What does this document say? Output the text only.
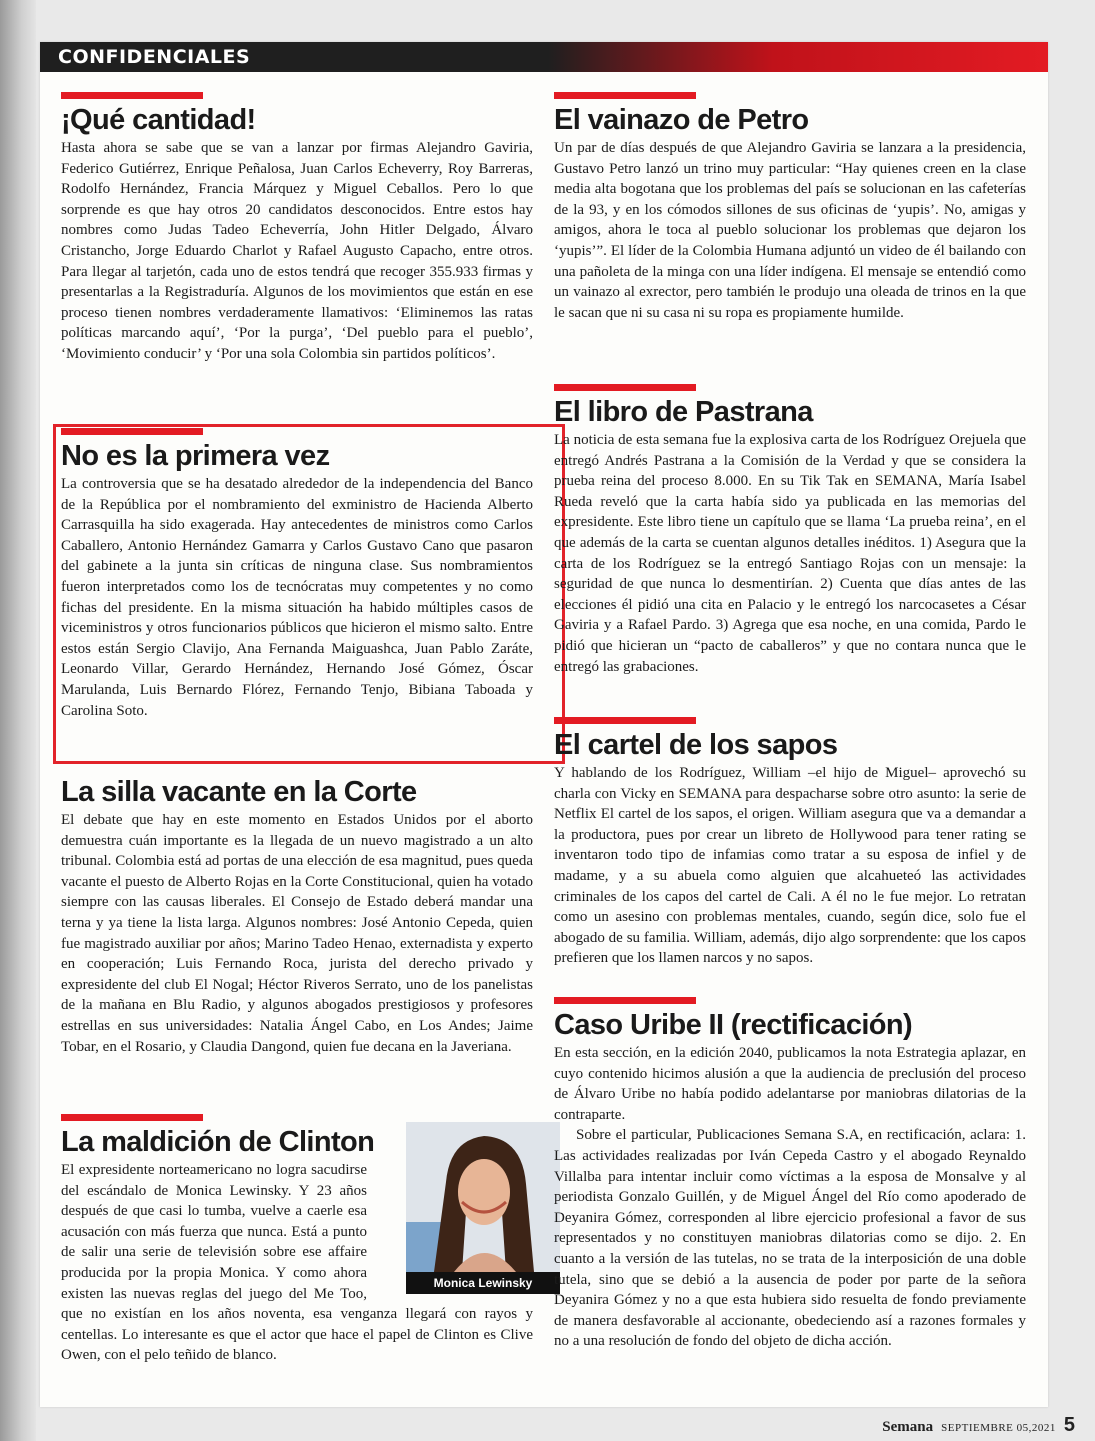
CONFIDENCIALES
¡Qué cantidad!

Hasta ahora se sabe que se van a lanzar por firmas Alejandro Gaviria, Federico Gutiérrez, Enrique Peñalosa, Juan Carlos Echeverry, Roy Barreras, Rodolfo Hernández, Francia Márquez y Miguel Ceballos. Pero lo que sorprende es que hay otros 20 candidatos desconocidos. Entre estos hay nombres como Judas Tadeo Echeverría, John Hitler Delgado, Álvaro Cristancho, Jorge Eduardo Charlot y Rafael Augusto Capacho, entre otros. Para llegar al tarjetón, cada uno de estos tendrá que recoger 355.933 firmas y presentarlas a la Registraduría. Algunos de los movimientos que están en ese proceso tienen nombres verdaderamente llamativos: ‘Eliminemos las ratas políticas marcando aquí’, ‘Por la purga’, ‘Del pueblo para el pueblo’, ‘Movimiento conducir’ y ‘Por una sola Colombia sin partidos políticos’.

No es la primera vez

La controversia que se ha desatado alrededor de la independencia del Banco de la República por el nombramiento del exministro de Hacienda Alberto Carrasquilla ha sido exagerada. Hay antecedentes de ministros como Carlos Caballero, Antonio Hernández Gamarra y Carlos Gustavo Cano que pasaron del gabinete a la junta sin críticas de ninguna clase. Sus nombramientos fueron interpretados como los de tecnócratas muy competentes y no como fichas del presidente. En la misma situación ha habido múltiples casos de viceministros y otros funcionarios públicos que hicieron el mismo salto. Entre estos están Sergio Clavijo, Ana Fernanda Maiguashca, Juan Pablo Zaráte, Leonardo Villar, Gerardo Hernández, Hernando José Gómez, Óscar Marulanda, Luis Bernardo Flórez, Fernando Tenjo, Bibiana Taboada y Carolina Soto.

La silla vacante en la Corte

El debate que hay en este momento en Estados Unidos por el aborto demuestra cuán importante es la llegada de un nuevo magistrado a un alto tribunal. Colombia está ad portas de una elección de esa magnitud, pues queda vacante el puesto de Alberto Rojas en la Corte Constitucional, quien ha votado siempre con las causas liberales. El Consejo de Estado deberá mandar una terna y ya tiene la lista larga. Algunos nombres: José Antonio Cepeda, quien fue magistrado auxiliar por años; Marino Tadeo Henao, externadista y experto en cooperación; Luis Fernando Roca, jurista del derecho privado y expresidente del club El Nogal; Héctor Riveros Serrato, uno de los panelistas de la mañana en Blu Radio, y algunos abogados prestigiosos y profesores estrellas en sus universidades: Natalia Ángel Cabo, en Los Andes; Jaime Tobar, en el Rosario, y Claudia Dangond, quien fue decana en la Javeriana.

La maldición de Clinton
Monica Lewinsky

El expresidente norteamericano no logra sacudirse del escándalo de Monica Lewinsky. Y 23 años después de que casi lo tumba, vuelve a caerle esa acusación con más fuerza que nunca. Está a punto de salir una serie de televisión sobre ese affaire producida por la propia Monica. Y como ahora existen las nuevas reglas del juego del Me Too, que no existían en los años noventa, esa venganza llegará con rayos y centellas. Lo interesante es que el actor que hace el papel de Clinton es Clive Owen, con el pelo teñido de blanco.

El vainazo de Petro

Un par de días después de que Alejandro Gaviria se lanzara a la presidencia, Gustavo Petro lanzó un trino muy particular: “Hay quienes creen en la clase media alta bogotana que los problemas del país se solucionan en las cafeterías de la 93, y en los cómodos sillones de sus oficinas de ‘yupis’. No, amigas y amigos, ahora le toca al pueblo solucionar los problemas que dejaron los ‘yupis’”. El líder de la Colombia Humana adjuntó un video de él bailando con una pañoleta de la minga con una líder indígena. El mensaje se entendió como un vainazo al exrector, pero también le produjo una oleada de trinos en la que le sacan que ni su casa ni su ropa es propiamente humilde.

El libro de Pastrana

La noticia de esta semana fue la explosiva carta de los Rodríguez Orejuela que entregó Andrés Pastrana a la Comisión de la Verdad y que se considera la prueba reina del proceso 8.000. En su Tik Tak en SEMANA, María Isabel Rueda reveló que la carta había sido ya publicada en las memorias del expresidente. Este libro tiene un capítulo que se llama ‘La prueba reina’, en el que además de la carta se cuentan algunos detalles inéditos. 1) Asegura que la carta de los Rodríguez se la entregó Santiago Rojas con un mensaje: la seguridad de que nunca lo desmentirían. 2) Cuenta que días antes de las elecciones él pidió una cita en Palacio y le entregó los narcocasetes a César Gaviria y a Rafael Pardo. 3) Agrega que esa noche, en una comida, Pardo le pidió que hicieran un “pacto de caballeros” y que no contara nunca que le entregó las grabaciones.

El cartel de los sapos

Y hablando de los Rodríguez, William –el hijo de Miguel– aprovechó su charla con Vicky en SEMANA para despacharse sobre otro asunto: la serie de Netflix El cartel de los sapos, el origen. William asegura que va a demandar a la productora, pues por crear un libreto de Hollywood para tener rating se inventaron todo tipo de infamias como tratar a su esposa de infiel y de madame, y a su abuela como alguien que alcahueteó las actividades criminales de los capos del cartel de Cali. A él no le fue mejor. Lo retratan como un asesino con problemas mentales, cuando, según dice, solo fue el abogado de su familia. William, además, dijo algo sorprendente: que los capos prefieren que los llamen narcos y no sapos.

Caso Uribe II (rectificación)

En esta sección, en la edición 2040, publicamos la nota Estrategia aplazar, en cuyo contenido hicimos alusión a que la audiencia de preclusión del proceso de Álvaro Uribe no había podido adelantarse por maniobras dilatorias de la contraparte.

Sobre el particular, Publicaciones Semana S.A, en rectificación, aclara: 1. Las actividades realizadas por Iván Cepeda Castro y el abogado Reynaldo Villalba para intentar incluir como víctimas a la esposa de Monsalve y al periodista Gonzalo Guillén, y de Miguel Ángel del Río como apoderado de Deyanira Gómez, corresponden al libre ejercicio profesional a favor de sus representados y no constituyen maniobras dilatorias como se dijo. 2. En cuanto a la versión de las tutelas, no se trata de la interposición de una doble tutela, sino que se debió a la ausencia de poder por parte de la señora Deyanira Gómez y no a que esta hubiera sido resuelta de fondo previamente de manera desfavorable al accionante, obedeciendo así a razones formales y no a una resolución de fondo del objeto de dicha acción.

Semana SEPTIEMBRE 05,2021 5
